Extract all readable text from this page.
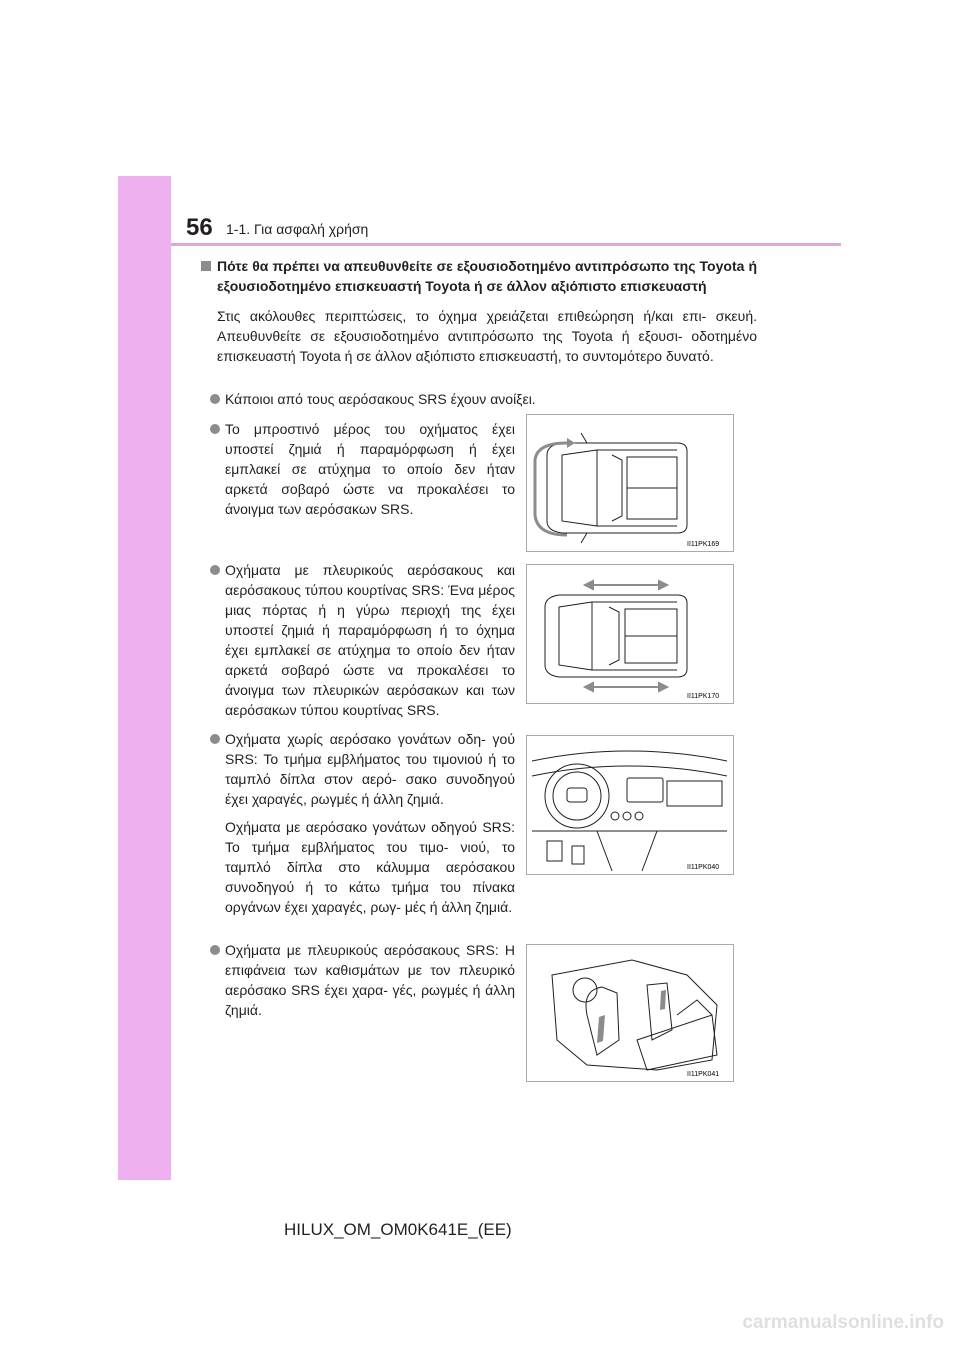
56 1-1. Για ασφαλή χρήση
Πότε θα πρέπει να απευθυνθείτε σε εξουσιοδοτημένο αντιπρόσωπο της Toyota ή εξουσιοδοτημένο επισκευαστή Toyota ή σε άλλον αξιόπιστο επισκευαστή
Στις ακόλουθες περιπτώσεις, το όχημα χρειάζεται επιθεώρηση ή/και επι- σκευή. Απευθυνθείτε σε εξουσιοδοτημένο αντιπρόσωπο της Toyota ή εξουσι- οδοτημένο επισκευαστή Toyota ή σε άλλον αξιόπιστο επισκευαστή, το συντομότερο δυνατό.

Κάποιοι από τους αερόσακους SRS έχουν ανοίξει.

Το μπροστινό μέρος του οχήματος έχει υποστεί ζημιά ή παραμόρφωση ή έχει εμπλακεί σε ατύχημα το οποίο δεν ήταν αρκετά σοβαρό ώστε να προκαλέσει το άνοιγμα των αερόσακων SRS.

II11PK169

Οχήματα με πλευρικούς αερόσακους και αερόσακους τύπου κουρτίνας SRS: Ένα μέρος μιας πόρτας ή η γύρω περιοχή της έχει υποστεί ζημιά ή παραμόρφωση ή το όχημα έχει εμπλακεί σε ατύχημα το οποίο δεν ήταν αρκετά σοβαρό ώστε να προκαλέσει το άνοιγμα των πλευρικών αερόσακων και των αερόσακων τύπου κουρτίνας SRS.

II11PK170

Οχήματα χωρίς αερόσακο γονάτων οδη- γού SRS: Το τμήμα εμβλήματος του τιμονιού ή το ταμπλό δίπλα στον αερό- σακο συνοδηγού έχει χαραγές, ρωγμές ή άλλη ζημιά.

Οχήματα με αερόσακο γονάτων οδηγού SRS: Το τμήμα εμβλήματος του τιμο- νιού, το ταμπλό δίπλα στο κάλυμμα αερόσακου συνοδηγού ή το κάτω τμήμα του πίνακα οργάνων έχει χαραγές, ρωγ- μές ή άλλη ζημιά.

II11PK040

Οχήματα με πλευρικούς αερόσακους SRS: Η επιφάνεια των καθισμάτων με τον πλευρικό αερόσακο SRS έχει χαρα- γές, ρωγμές ή άλλη ζημιά.

II11PK041
HILUX_OM_OM0K641E_(EE)
carmanualsonline.info
